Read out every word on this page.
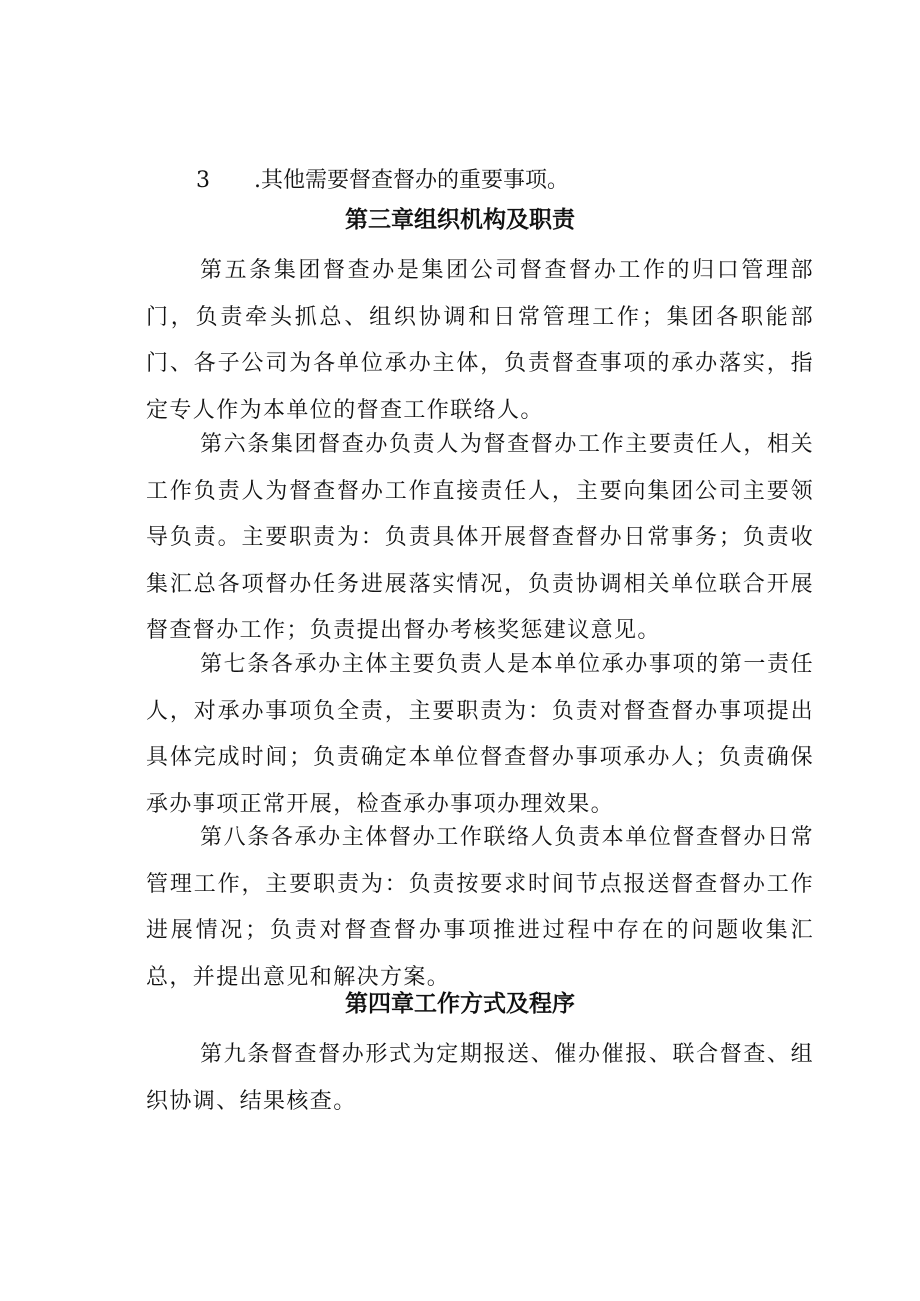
3 .其他需要督查督办的重要事项。
第三章组织机构及职责
第五条集团督查办是集团公司督查督办工作的归口管理部门，负责牵头抓总、组织协调和日常管理工作；集团各职能部门、各子公司为各单位承办主体，负责督查事项的承办落实，指定专人作为本单位的督查工作联络人。
第六条集团督查办负责人为督查督办工作主要责任人，相关工作负责人为督查督办工作直接责任人，主要向集团公司主要领导负责。主要职责为：负责具体开展督查督办日常事务；负责收集汇总各项督办任务进展落实情况，负责协调相关单位联合开展督查督办工作；负责提出督办考核奖惩建议意见。
第七条各承办主体主要负责人是本单位承办事项的第一责任人，对承办事项负全责，主要职责为：负责对督查督办事项提出具体完成时间；负责确定本单位督查督办事项承办人；负责确保承办事项正常开展，检查承办事项办理效果。
第八条各承办主体督办工作联络人负责本单位督查督办日常管理工作，主要职责为：负责按要求时间节点报送督查督办工作进展情况；负责对督查督办事项推进过程中存在的问题收集汇总，并提出意见和解决方案。
第四章工作方式及程序
第九条督查督办形式为定期报送、催办催报、联合督查、组织协调、结果核查。
